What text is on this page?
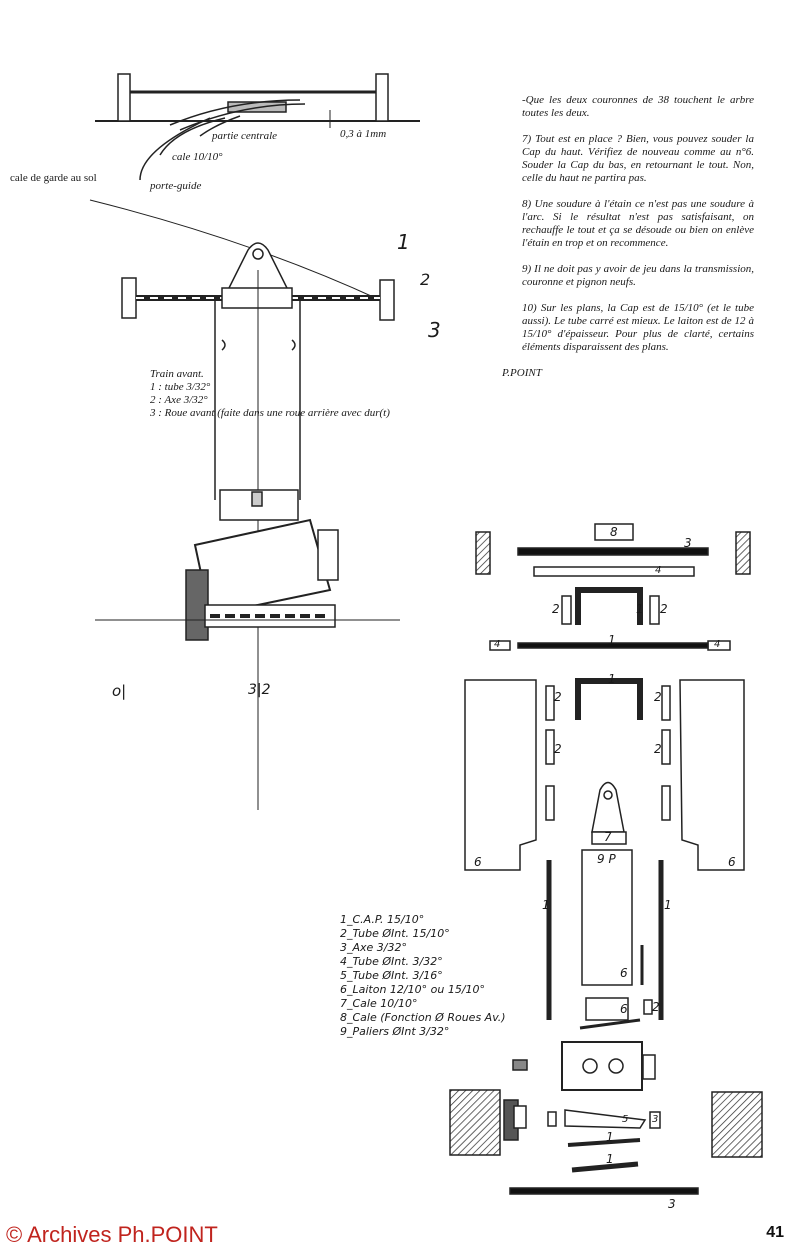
partie centrale	0,3 à 1mm
cale 10/10°
cale de garde au sol
porte-guide
1
2
3
Train avant.
1 : tube 3/32°
2 : Axe 3/32°
3 : Roue avant (faite dans une roue arrière avec dur(t)
o|	3|2

-Que les deux couronnes de 38 touchent le arbre toutes les deux.

7) Tout est en place ? Bien, vous pouvez souder la Cap du haut. Vérifiez de nouveau comme au n°6. Souder la Cap du bas, en retournant le tout. Non, celle du haut ne partira pas.

8) Une soudure à l'étain ce n'est pas une soudure à l'arc. Si le résultat n'est pas satisfaisant, on rechauffe le tout et ça se désoude ou bien on enlève l'étain en trop et on recommence.

9) Il ne doit pas y avoir de jeu dans la transmission, couronne et pignon neufs.

10) Sur les plans, la Cap est de 15/10° (et le tube aussi). Le tube carré est mieux. Le laiton est de 12 à 15/10° d'épaisseur. Pour plus de clarté, certains éléments disparaissent des plans.

P.POINT

8
3
4
2	1 2
4	1	4
1
2
2
2
2
6	6
7
9 P
1	1
6
6 2
5 3
1
1
3
1_C.A.P. 15/10°
2_Tube ØInt. 15/10°
3_Axe 3/32°
4_Tube ØInt. 3/32°
5_Tube ØInt. 3/16°
6_Laiton 12/10° ou 15/10°
7_Cale 10/10°
8_Cale (Fonction Ø Roues Av.)
9_Paliers ØInt 3/32°
© Archives Ph.POINT	41
